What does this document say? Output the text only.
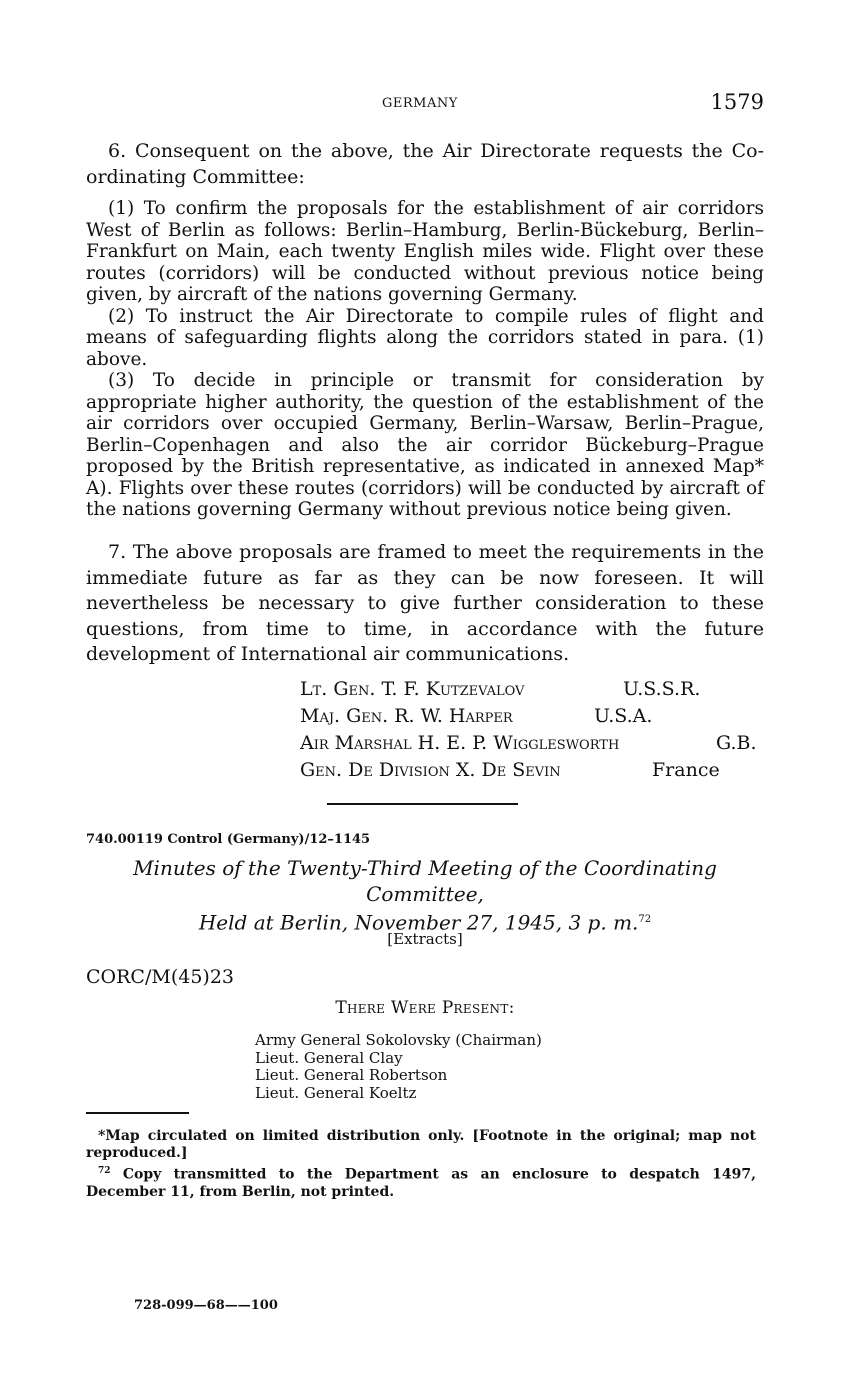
GERMANY	1579

6. Consequent on the above, the Air Directorate requests the Co-ordinating Committee:

(1) To confirm the proposals for the establishment of air corridors West of Berlin as follows: Berlin–Hamburg, Berlin-Bückeburg, Berlin–Frankfurt on Main, each twenty English miles wide. Flight over these routes (corridors) will be conducted without previous notice being given, by aircraft of the nations governing Germany.

(2) To instruct the Air Directorate to compile rules of flight and means of safeguarding flights along the corridors stated in para. (1) above.

(3) To decide in principle or transmit for consideration by appropriate higher authority, the question of the establishment of the air corridors over occupied Germany, Berlin–Warsaw, Berlin–Prague, Berlin–Copenhagen and also the air corridor Bückeburg–Prague proposed by the British representative, as indicated in annexed Map* A). Flights over these routes (corridors) will be conducted by aircraft of the nations governing Germany without previous notice being given.

7. The above proposals are framed to meet the requirements in the immediate future as far as they can be now foreseen. It will nevertheless be necessary to give further consideration to these questions, from time to time, in accordance with the future development of International air communications.

Lt. Gen. T. F. Kutzevalov	U.S.S.R.
Maj. Gen. R. W. Harper	U.S.A.
Air Marshal H. E. P. Wigglesworth	G.B.
Gen. De Division X. De Sevin	France
740.00119 Control (Germany)/12–1145
Minutes of the Twenty-Third Meeting of the Coordinating Committee,
Held at Berlin, November 27, 1945, 3 p. m.$^{72}$
[Extracts]
CORC/M(45)23
There Were Present:
Army General Sokolovsky (Chairman)
Lieut. General Clay
Lieut. General Robertson
Lieut. General Koeltz

*Map circulated on limited distribution only. [Footnote in the original; map not reproduced.]

$^{72}$ Copy transmitted to the Department as an enclosure to despatch 1497, December 11, from Berlin, not printed.

728-099—68——100
